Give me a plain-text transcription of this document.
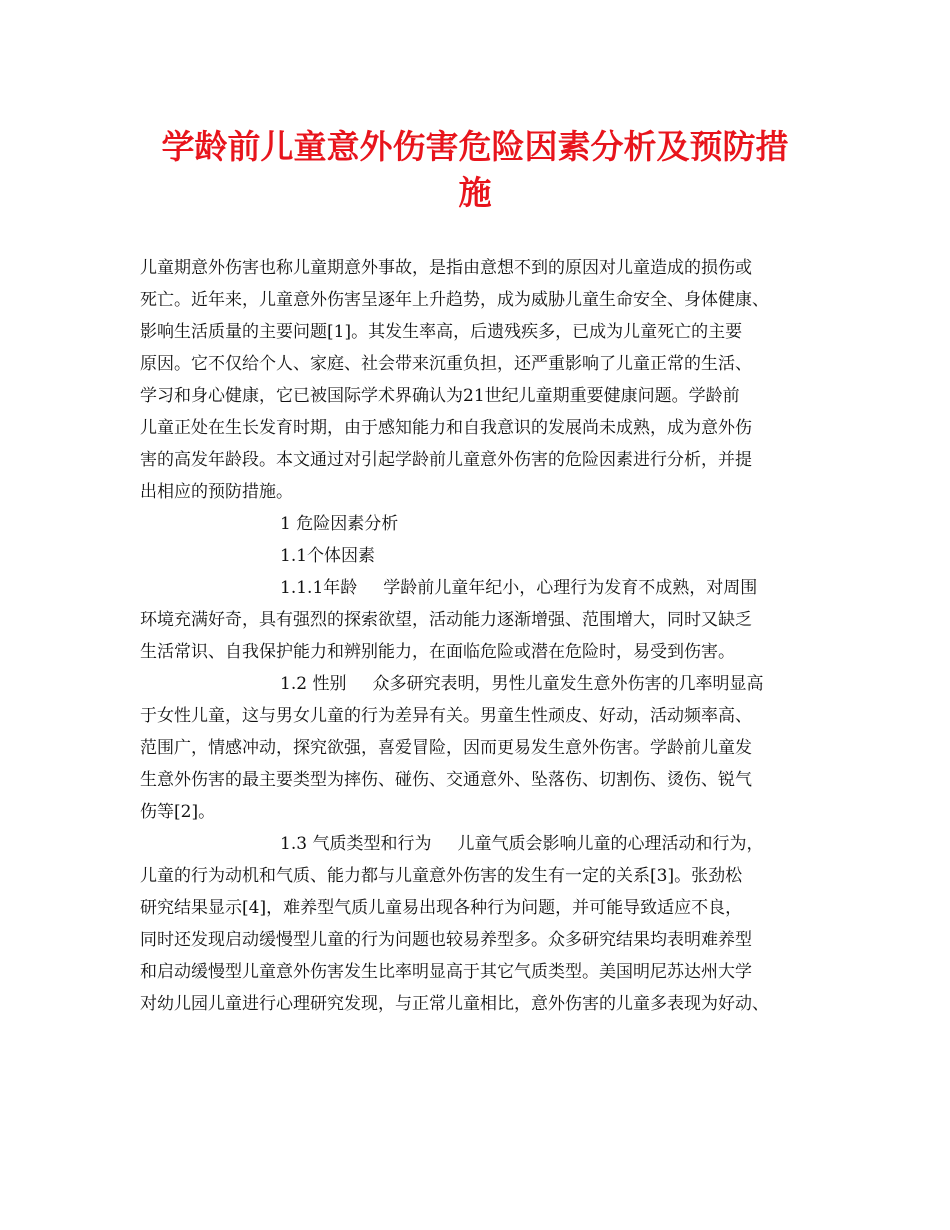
学龄前儿童意外伤害危险因素分析及预防措
施
儿童期意外伤害也称儿童期意外事故，是指由意想不到的原因对儿童造成的损伤或
死亡。近年来，儿童意外伤害呈逐年上升趋势，成为威胁儿童生命安全、身体健康、
影响生活质量的主要问题[1]。其发生率高，后遗残疾多，已成为儿童死亡的主要
原因。它不仅给个人、家庭、社会带来沉重负担，还严重影响了儿童正常的生活、
学习和身心健康，它已被国际学术界确认为21世纪儿童期重要健康问题。学龄前
儿童正处在生长发育时期，由于感知能力和自我意识的发展尚未成熟，成为意外伤
害的高发年龄段。本文通过对引起学龄前儿童意外伤害的危险因素进行分析，并提
出相应的预防措施。
1 危险因素分析
1.1个体因素
1.1.1年龄 学龄前儿童年纪小，心理行为发育不成熟，对周围
环境充满好奇，具有强烈的探索欲望，活动能力逐渐增强、范围增大，同时又缺乏
生活常识、自我保护能力和辨别能力，在面临危险或潜在危险时，易受到伤害。
1.2 性别 众多研究表明，男性儿童发生意外伤害的几率明显高
于女性儿童，这与男女儿童的行为差异有关。男童生性顽皮、好动，活动频率高、
范围广，情感冲动，探究欲强，喜爱冒险，因而更易发生意外伤害。学龄前儿童发
生意外伤害的最主要类型为摔伤、碰伤、交通意外、坠落伤、切割伤、烫伤、锐气
伤等[2]。
1.3 气质类型和行为 儿童气质会影响儿童的心理活动和行为，
儿童的行为动机和气质、能力都与儿童意外伤害的发生有一定的关系[3]。张劲松
研究结果显示[4]，难养型气质儿童易出现各种行为问题，并可能导致适应不良，
同时还发现启动缓慢型儿童的行为问题也较易养型多。众多研究结果均表明难养型
和启动缓慢型儿童意外伤害发生比率明显高于其它气质类型。美国明尼苏达州大学
对幼儿园儿童进行心理研究发现，与正常儿童相比，意外伤害的儿童多表现为好动、
